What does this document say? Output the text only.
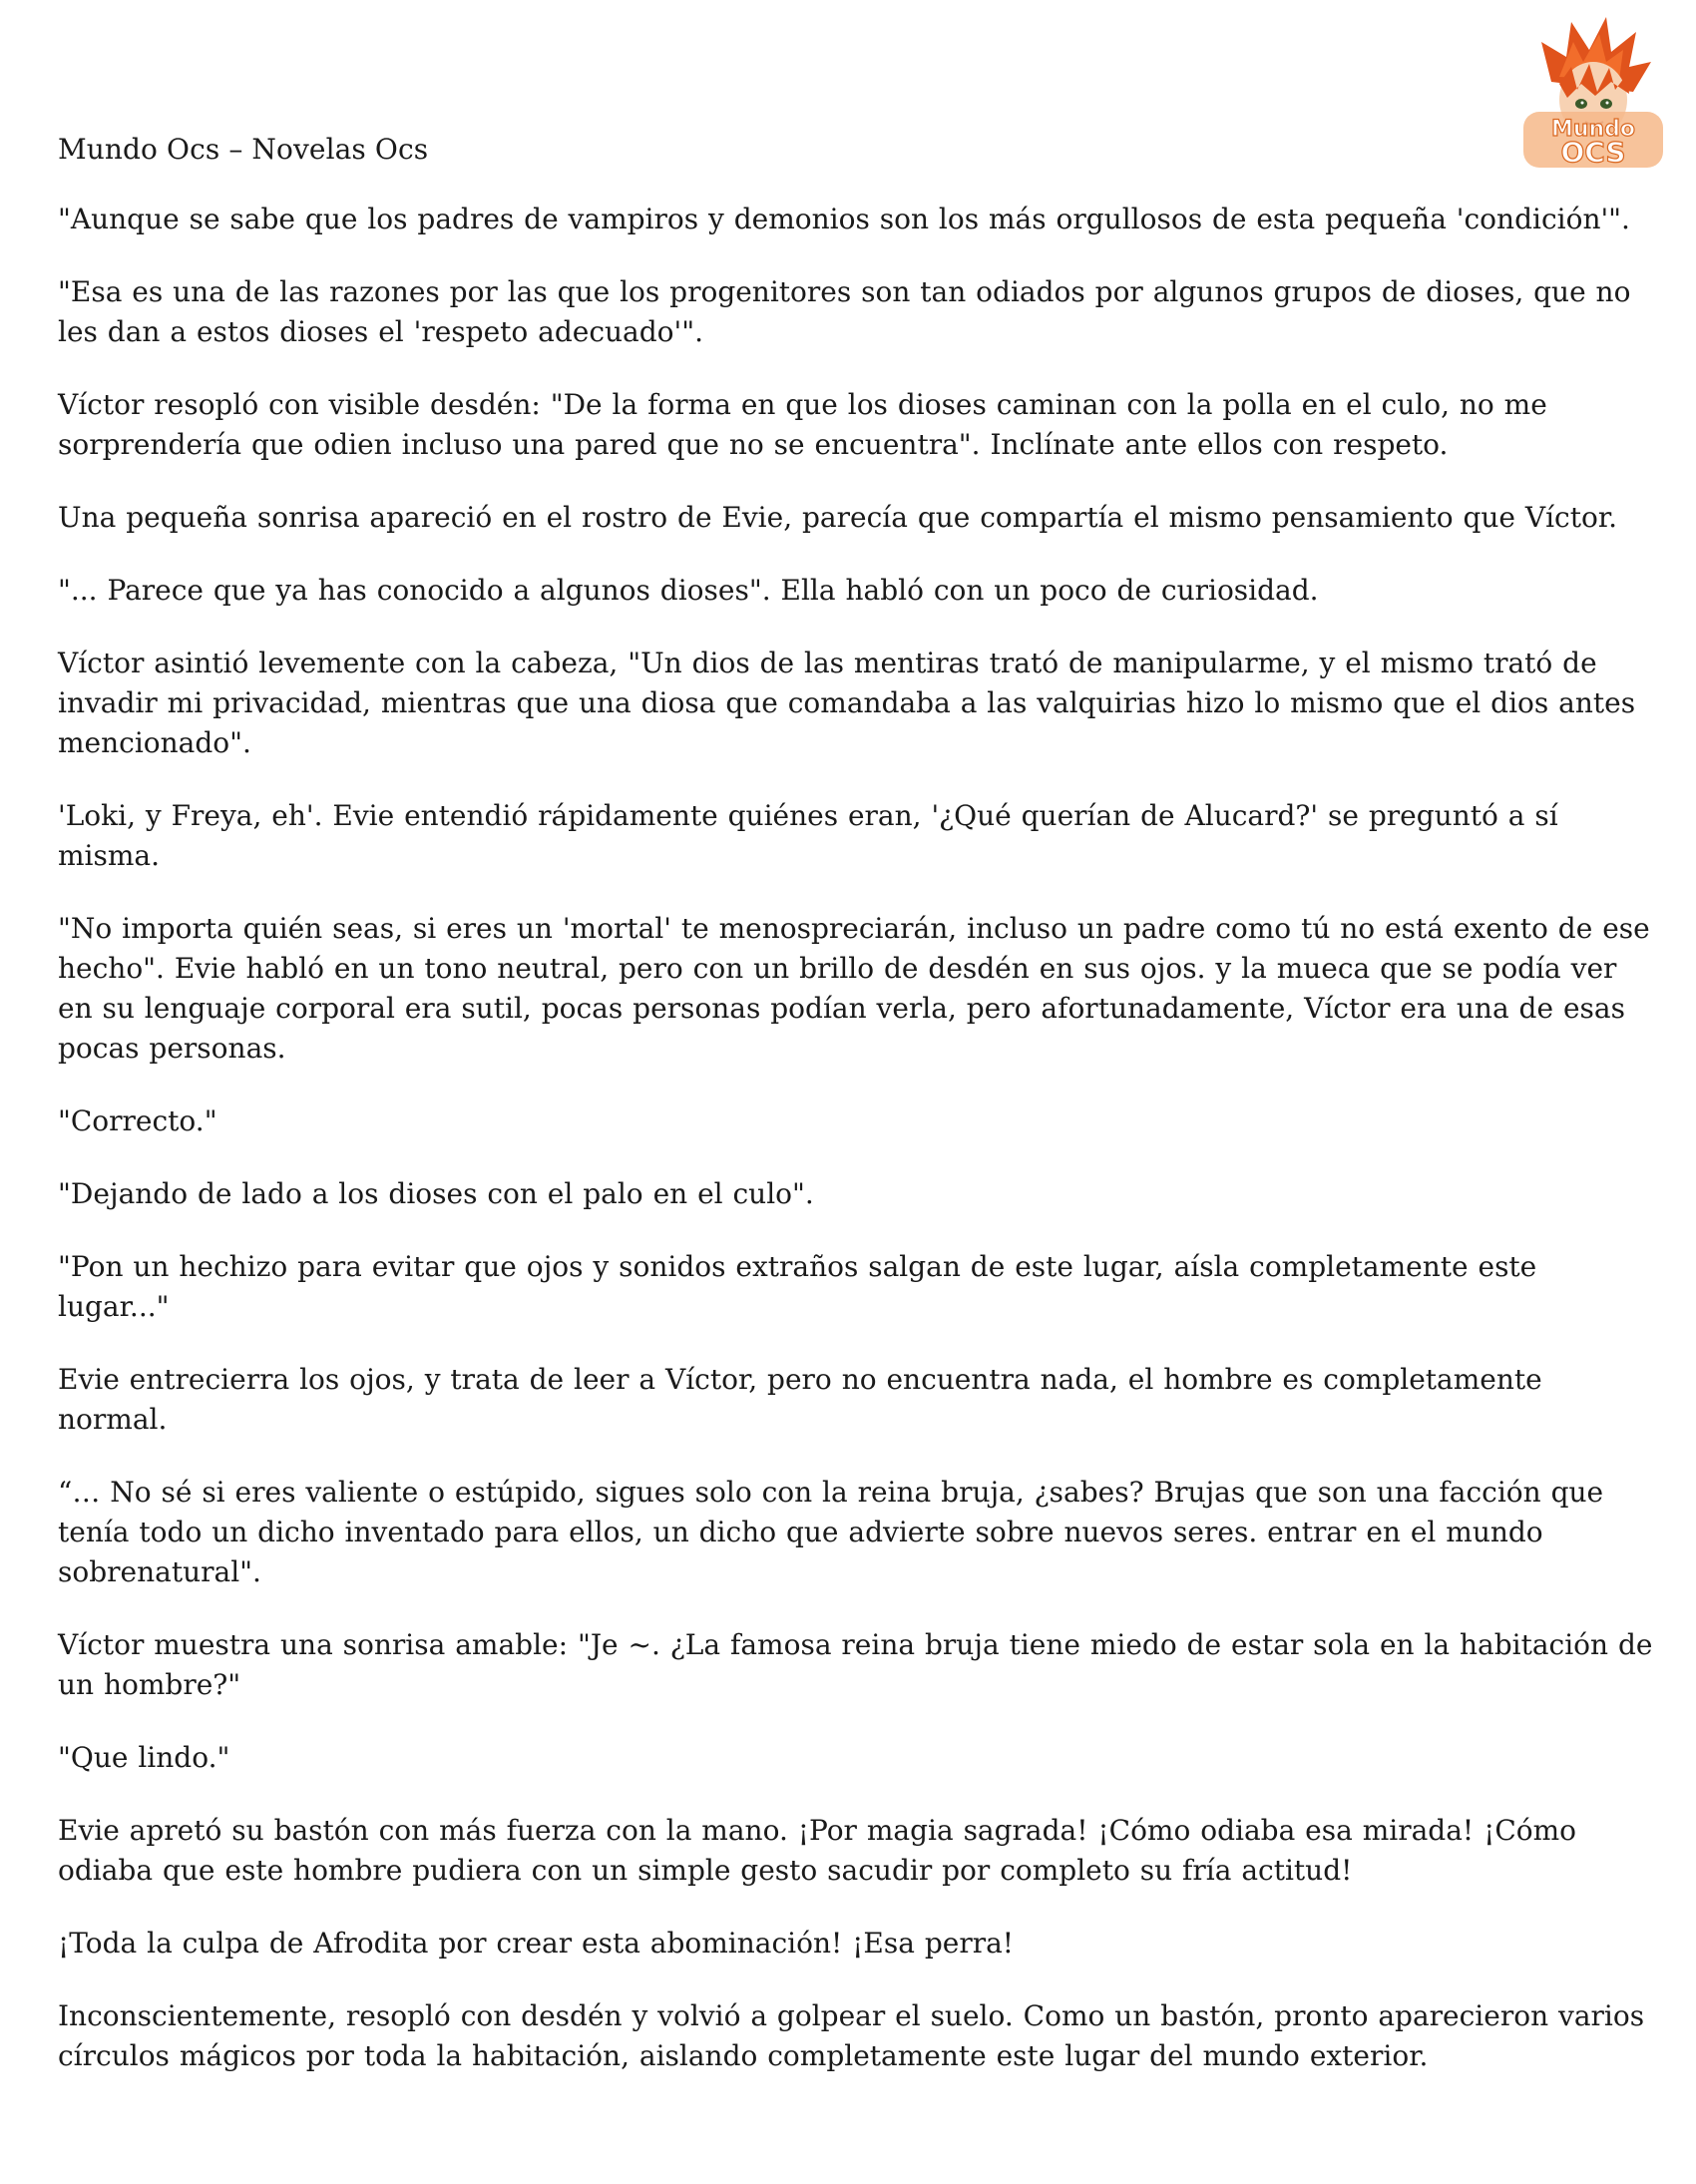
Mundo
OCS

Mundo Ocs – Novelas Ocs

"Aunque se sabe que los padres de vampiros y demonios son los más orgullosos de esta pequeña 'condición'".

"Esa es una de las razones por las que los progenitores son tan odiados por algunos grupos de dioses, que no les dan a estos dioses el 'respeto adecuado'".

Víctor resopló con visible desdén: "De la forma en que los dioses caminan con la polla en el culo, no me sorprendería que odien incluso una pared que no se encuentra". Inclínate ante ellos con respeto.

Una pequeña sonrisa apareció en el rostro de Evie, parecía que compartía el mismo pensamiento que Víctor.

"... Parece que ya has conocido a algunos dioses". Ella habló con un poco de curiosidad.

Víctor asintió levemente con la cabeza, "Un dios de las mentiras trató de manipularme, y el mismo trató de invadir mi privacidad, mientras que una diosa que comandaba a las valquirias hizo lo mismo que el dios antes mencionado".

'Loki, y Freya, eh'. Evie entendió rápidamente quiénes eran, '¿Qué querían de Alucard?' se preguntó a sí misma.

"No importa quién seas, si eres un 'mortal' te menospreciarán, incluso un padre como tú no está exento de ese hecho". Evie habló en un tono neutral, pero con un brillo de desdén en sus ojos. y la mueca que se podía ver en su lenguaje corporal era sutil, pocas personas podían verla, pero afortunadamente, Víctor era una de esas pocas personas.

"Correcto."

"Dejando de lado a los dioses con el palo en el culo".

"Pon un hechizo para evitar que ojos y sonidos extraños salgan de este lugar, aísla completamente este lugar..."

Evie entrecierra los ojos, y trata de leer a Víctor, pero no encuentra nada, el hombre es completamente normal.

“… No sé si eres valiente o estúpido, sigues solo con la reina bruja, ¿sabes? Brujas que son una facción que tenía todo un dicho inventado para ellos, un dicho que advierte sobre nuevos seres. entrar en el mundo sobrenatural".

Víctor muestra una sonrisa amable: "Je ~. ¿La famosa reina bruja tiene miedo de estar sola en la habitación de un hombre?"

"Que lindo."

Evie apretó su bastón con más fuerza con la mano. ¡Por magia sagrada! ¡Cómo odiaba esa mirada! ¡Cómo odiaba que este hombre pudiera con un simple gesto sacudir por completo su fría actitud!

¡Toda la culpa de Afrodita por crear esta abominación! ¡Esa perra!

Inconscientemente, resopló con desdén y volvió a golpear el suelo. Como un bastón, pronto aparecieron varios círculos mágicos por toda la habitación, aislando completamente este lugar del mundo exterior.
